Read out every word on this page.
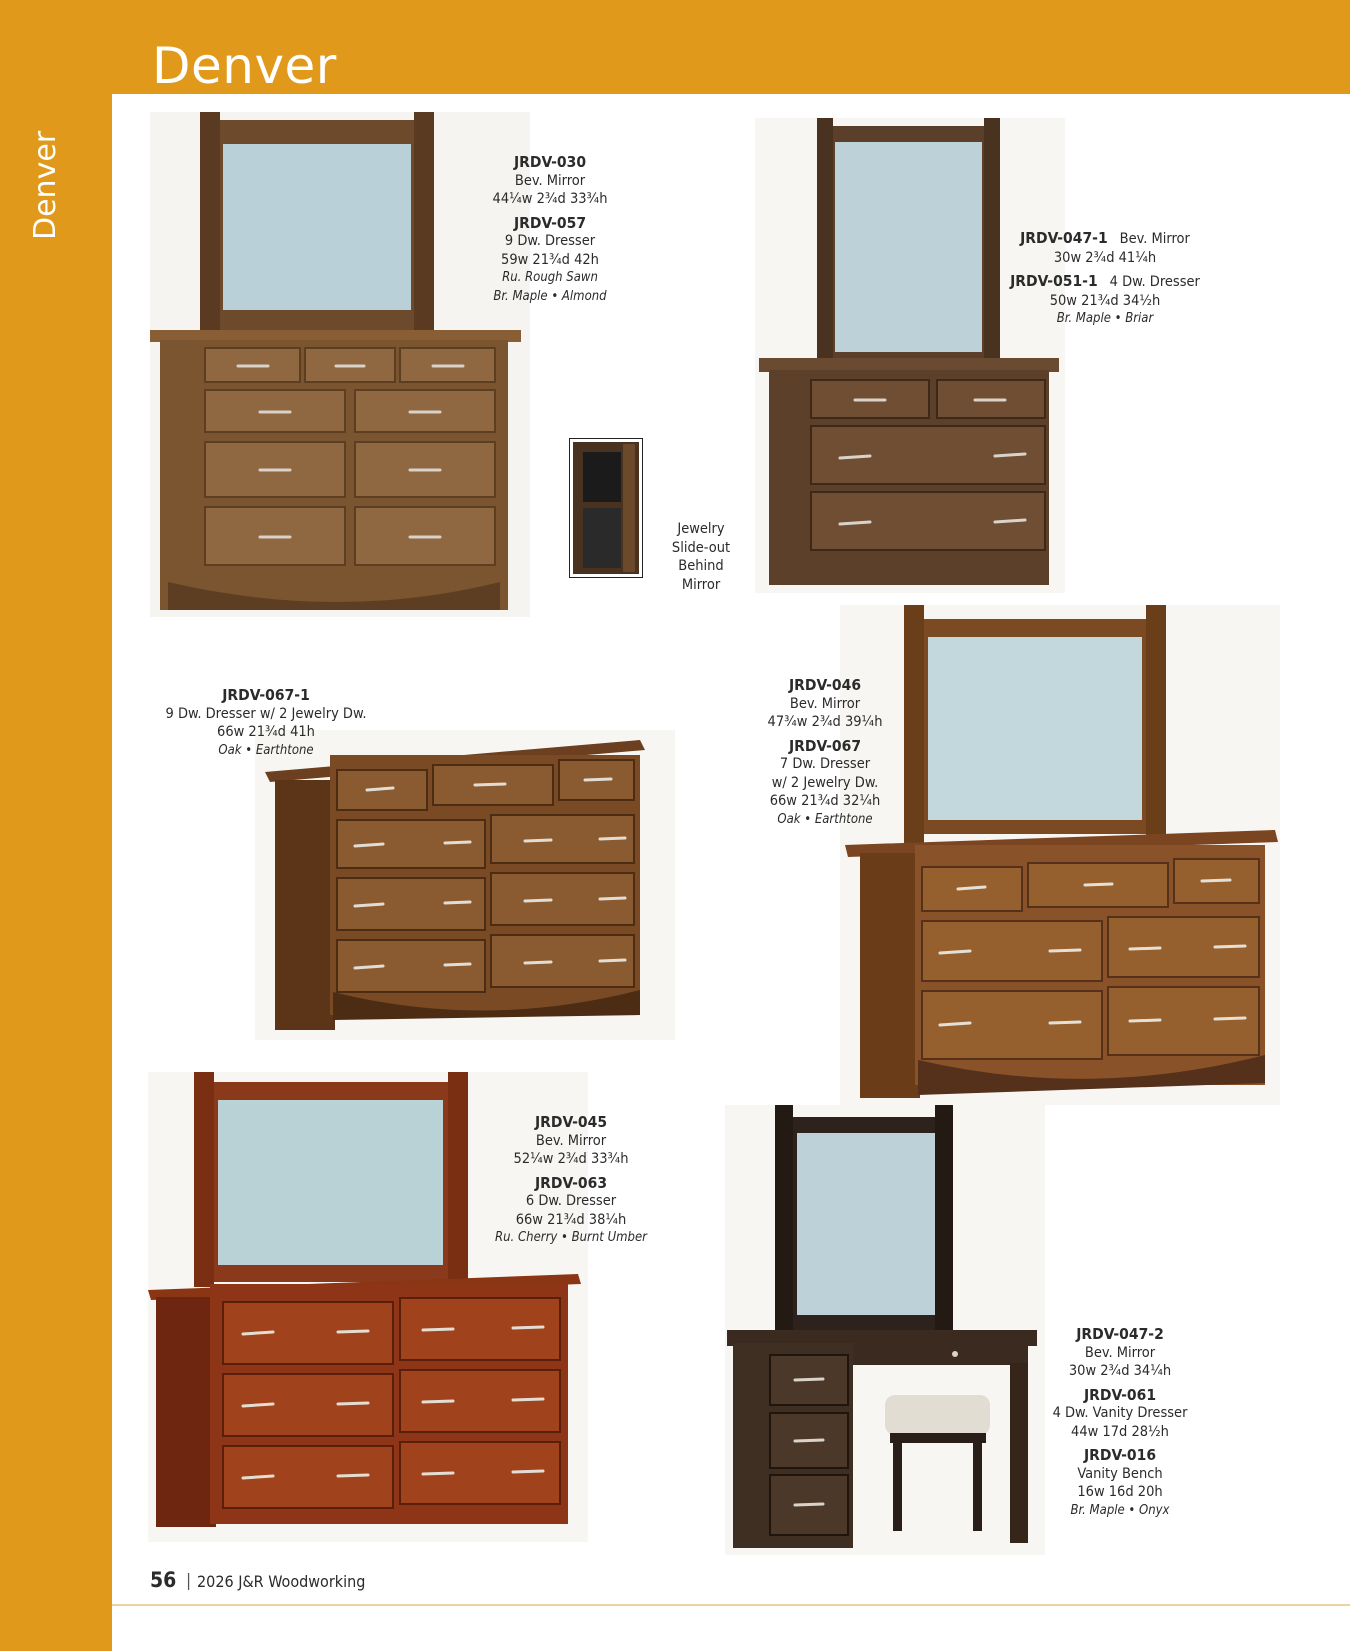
Denver
Denver	JRDV-030
Bev. Mirror
44¼w 2¾d 33¾h
JRDV-057
9 Dw. Dresser
59w 21¾d 42h
Ru. Rough Sawn
Br. Maple • Almond
JRDV-047-1 Bev. Mirror
30w 2¾d 41¼h
JRDV-051-1 4 Dw. Dresser
50w 21¾d 34½h
Br. Maple • Briar
Jewelry
Slide-out
Behind
Mirror
JRDV-067-1
9 Dw. Dresser w/ 2 Jewelry Dw.
66w 21¾d 41h
Oak • Earthtone
JRDV-046
Bev. Mirror
47¾w 2¾d 39¼h
JRDV-067
7 Dw. Dresser
w/ 2 Jewelry Dw.
66w 21¾d 32¼h
Oak • Earthtone
JRDV-045
Bev. Mirror
52¼w 2¾d 33¾h
JRDV-063
6 Dw. Dresser
66w 21¾d 38¼h
Ru. Cherry • Burnt Umber
JRDV-047-2
Bev. Mirror
30w 2¾d 34¼h
JRDV-061
4 Dw. Vanity Dresser
44w 17d 28½h
JRDV-016
Vanity Bench
16w 16d 20h
Br. Maple • Onyx
56 | 2026 J&R Woodworking
